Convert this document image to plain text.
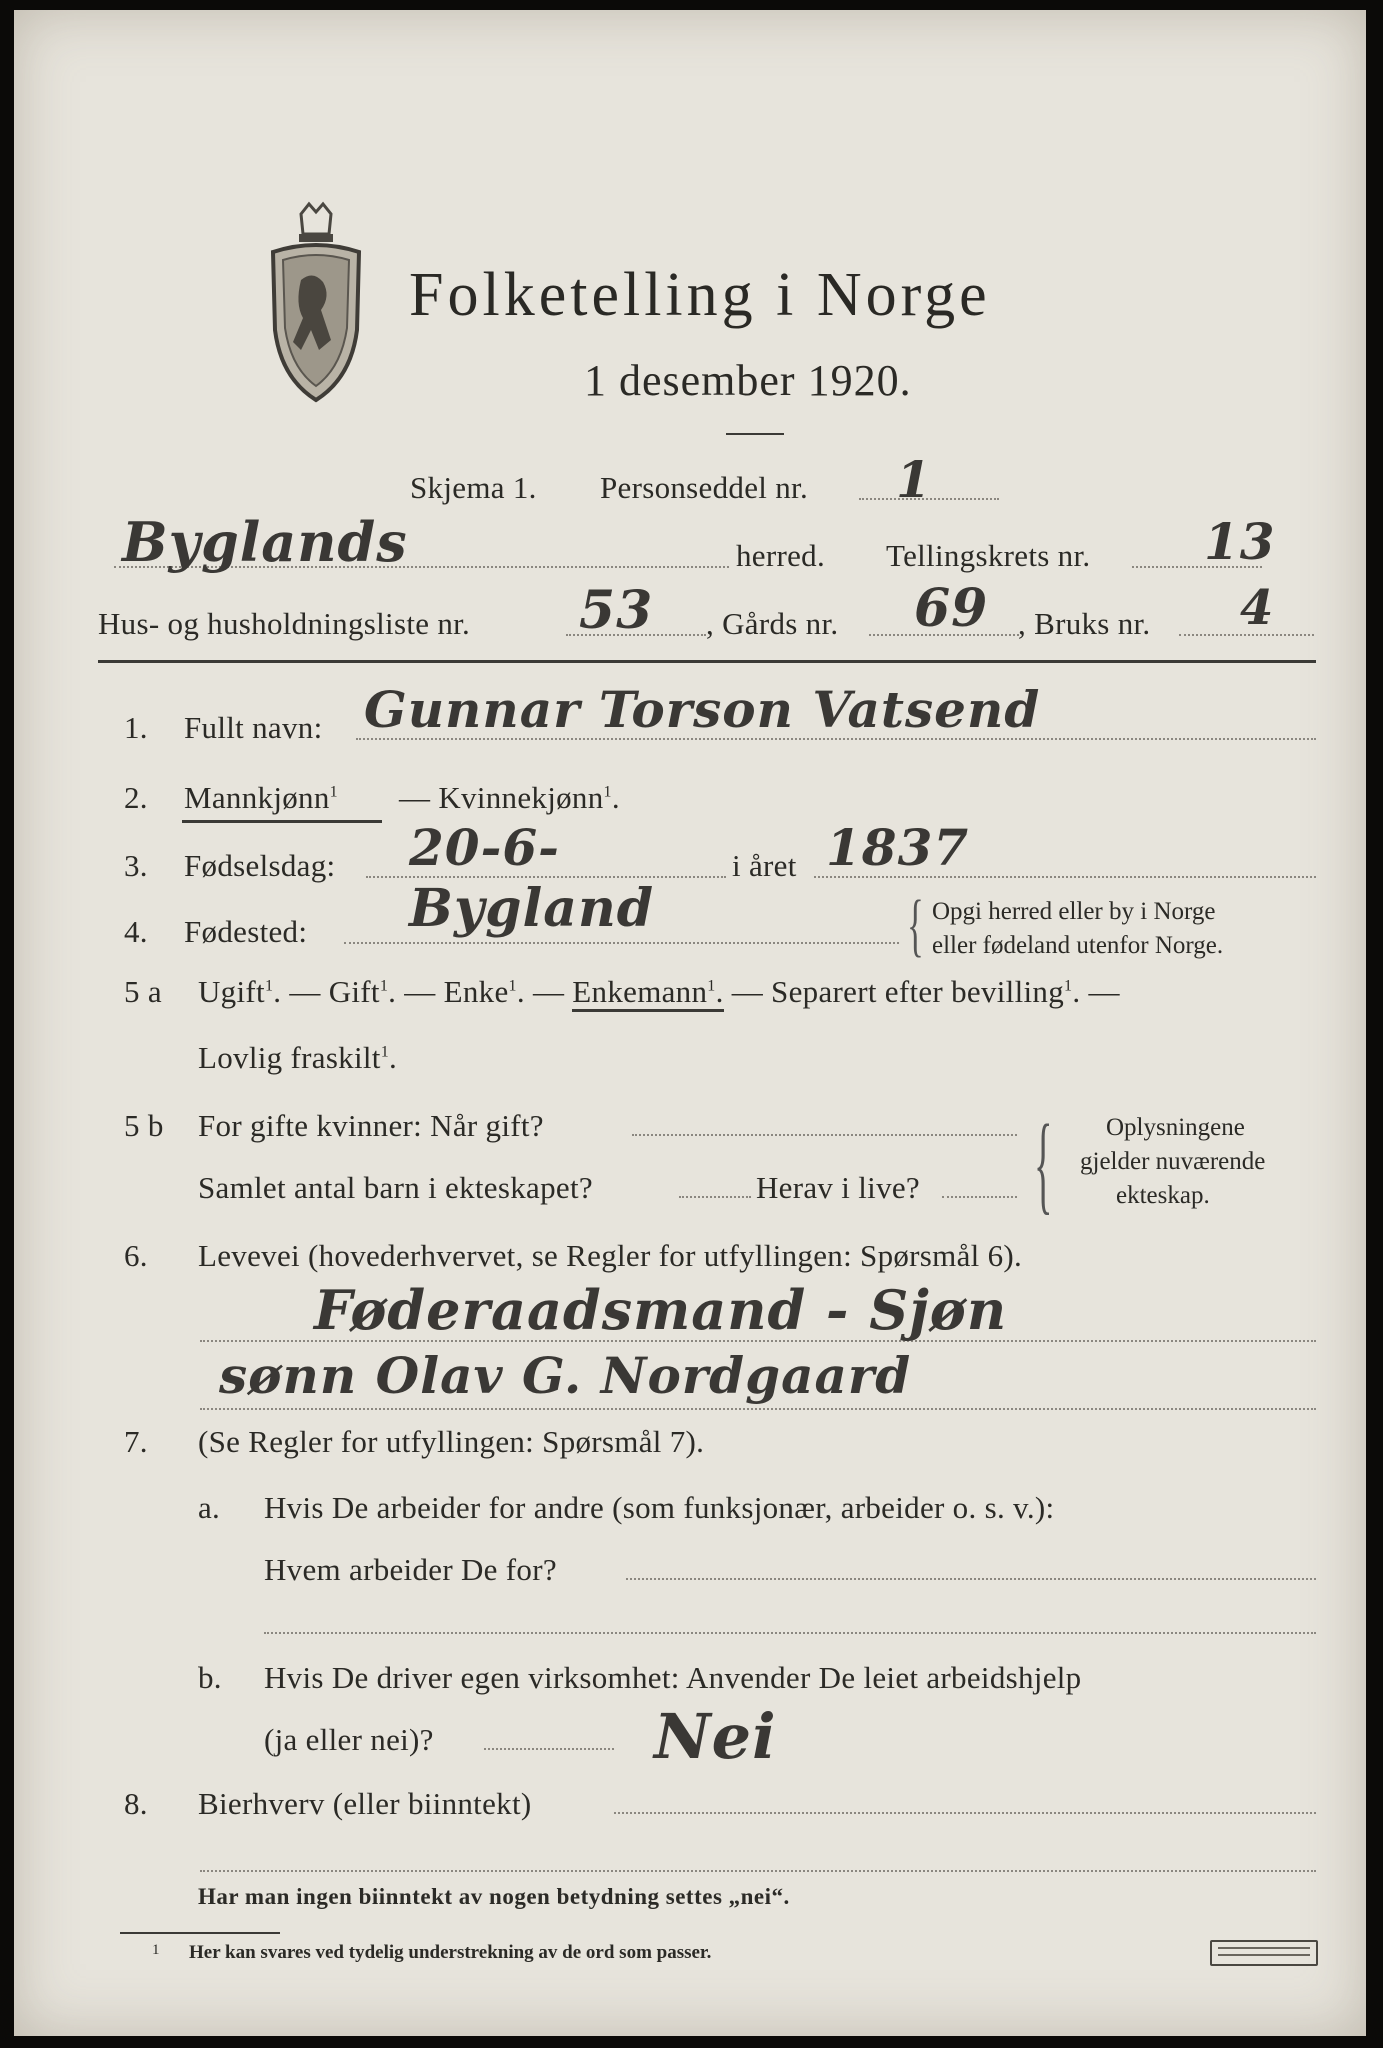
Folketelling i Norge
1 desember 1920.
Skjema 1. Personseddel nr. 1
Byglands	herred. Tellingskrets nr. 13
Hus- og husholdningsliste nr. 53 , Gårds nr. 69 , Bruks nr. 4
1. Fullt navn: Gunnar Torson Vatsend
2. Mannkjønn$^1$ — Kvinnekjønn$^1$.
3. Fødselsdag: 20-6-	i året 1837
4. Fødested: Bygland	{ Opgi herred eller by i Norge
eller fødeland utenfor Norge.
5 a Ugift$^1$. — Gift$^1$. — Enke$^1$. — Enkemann$^1$. — Separert efter bevilling$^1$. —
Lovlig fraskilt$^1$.
5 b For gifte kvinner: Når gift?
Samlet antal barn i ekteskapet?	Herav i live? { Oplysningene
gjelder nuværende
ekteskap.
6. Levevei (hovederhvervet, se Regler for utfyllingen: Spørsmål 6).
Føderaadsmand - Sjøn
sønn Olav G. Nordgaard
7. (Se Regler for utfyllingen: Spørsmål 7).
a. Hvis De arbeider for andre (som funksjonær, arbeider o. s. v.):
Hvem arbeider De for?
b. Hvis De driver egen virksomhet: Anvender De leiet arbeidshjelp
(ja eller nei)?	Nei
8. Bierhverv (eller biinntekt)
Har man ingen biinntekt av nogen betydning settes „nei“.
1 Her kan svares ved tydelig understrekning av de ord som passer.
